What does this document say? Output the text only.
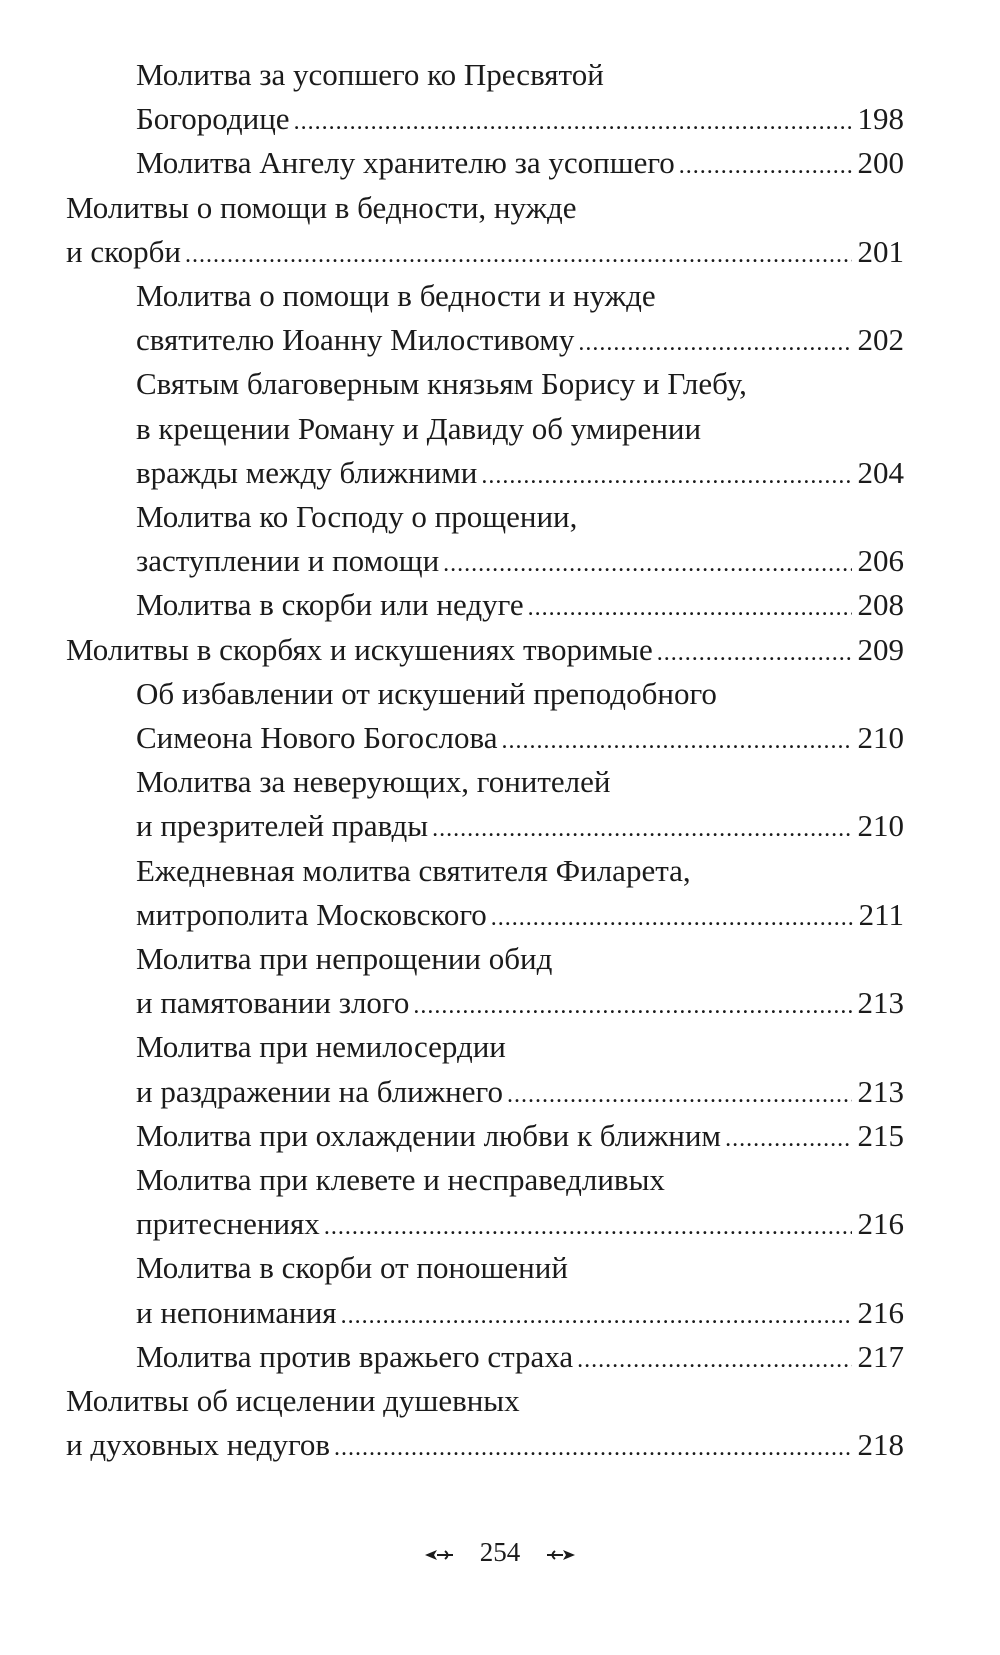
Молитва за усопшего ко Пресвятой
Богородице .....	198
Молитва Ангелу хранителю за усопшего .....	200
Молитвы о помощи в бедности, нужде
и скорби .....	201
Молитва о помощи в бедности и нужде
святителю Иоанну Милостивому .....	202
Святым благоверным князьям Борису и Глебу,
в крещении Роману и Давиду об умирении
вражды между ближними .....	204
Молитва ко Господу о прощении,
заступлении и помощи .....	206
Молитва в скорби или недуге .....	208
Молитвы в скорбях и искушениях творимые .....	209
Об избавлении от искушений преподобного
Симеона Нового Богослова .....	210
Молитва за неверующих, гонителей
и презрителей правды .....	210
Ежедневная молитва святителя Филарета,
митрополита Московского .....	211
Молитва при непрощении обид
и памятовании злого .....	213
Молитва при немилосердии
и раздражении на ближнего .....	213
Молитва при охлаждении любви к ближним .....	215
Молитва при клевете и несправедливых
притеснениях .....	216
Молитва в скорби от поношений
и непонимания .....	216
Молитва против вражьего страха .....	217
Молитвы об исцелении душевных
и духовных недугов .....	218
254
